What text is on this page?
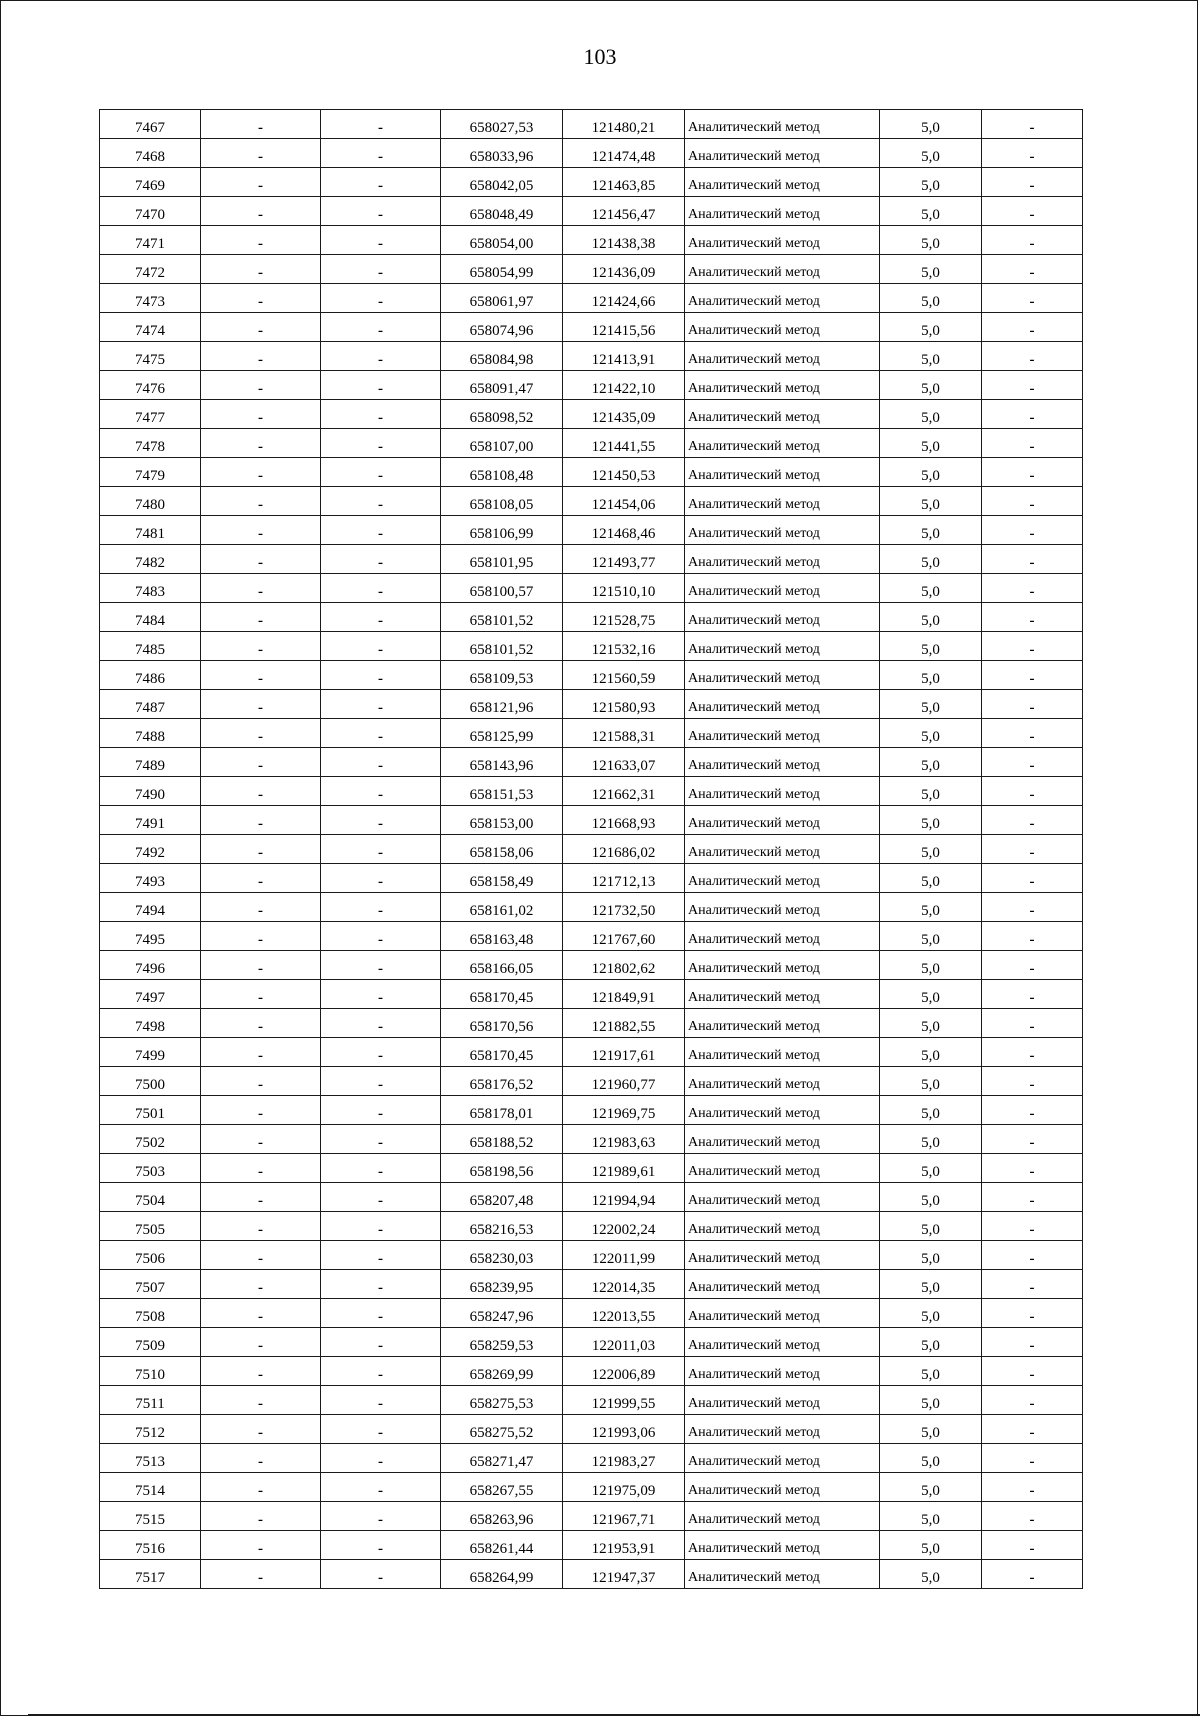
103
7467	-	-	658027,53	121480,21	Аналитический метод	5,0	-
7468	-	-	658033,96	121474,48	Аналитический метод	5,0	-
7469	-	-	658042,05	121463,85	Аналитический метод	5,0	-
7470	-	-	658048,49	121456,47	Аналитический метод	5,0	-
7471	-	-	658054,00	121438,38	Аналитический метод	5,0	-
7472	-	-	658054,99	121436,09	Аналитический метод	5,0	-
7473	-	-	658061,97	121424,66	Аналитический метод	5,0	-
7474	-	-	658074,96	121415,56	Аналитический метод	5,0	-
7475	-	-	658084,98	121413,91	Аналитический метод	5,0	-
7476	-	-	658091,47	121422,10	Аналитический метод	5,0	-
7477	-	-	658098,52	121435,09	Аналитический метод	5,0	-
7478	-	-	658107,00	121441,55	Аналитический метод	5,0	-
7479	-	-	658108,48	121450,53	Аналитический метод	5,0	-
7480	-	-	658108,05	121454,06	Аналитический метод	5,0	-
7481	-	-	658106,99	121468,46	Аналитический метод	5,0	-
7482	-	-	658101,95	121493,77	Аналитический метод	5,0	-
7483	-	-	658100,57	121510,10	Аналитический метод	5,0	-
7484	-	-	658101,52	121528,75	Аналитический метод	5,0	-
7485	-	-	658101,52	121532,16	Аналитический метод	5,0	-
7486	-	-	658109,53	121560,59	Аналитический метод	5,0	-
7487	-	-	658121,96	121580,93	Аналитический метод	5,0	-
7488	-	-	658125,99	121588,31	Аналитический метод	5,0	-
7489	-	-	658143,96	121633,07	Аналитический метод	5,0	-
7490	-	-	658151,53	121662,31	Аналитический метод	5,0	-
7491	-	-	658153,00	121668,93	Аналитический метод	5,0	-
7492	-	-	658158,06	121686,02	Аналитический метод	5,0	-
7493	-	-	658158,49	121712,13	Аналитический метод	5,0	-
7494	-	-	658161,02	121732,50	Аналитический метод	5,0	-
7495	-	-	658163,48	121767,60	Аналитический метод	5,0	-
7496	-	-	658166,05	121802,62	Аналитический метод	5,0	-
7497	-	-	658170,45	121849,91	Аналитический метод	5,0	-
7498	-	-	658170,56	121882,55	Аналитический метод	5,0	-
7499	-	-	658170,45	121917,61	Аналитический метод	5,0	-
7500	-	-	658176,52	121960,77	Аналитический метод	5,0	-
7501	-	-	658178,01	121969,75	Аналитический метод	5,0	-
7502	-	-	658188,52	121983,63	Аналитический метод	5,0	-
7503	-	-	658198,56	121989,61	Аналитический метод	5,0	-
7504	-	-	658207,48	121994,94	Аналитический метод	5,0	-
7505	-	-	658216,53	122002,24	Аналитический метод	5,0	-
7506	-	-	658230,03	122011,99	Аналитический метод	5,0	-
7507	-	-	658239,95	122014,35	Аналитический метод	5,0	-
7508	-	-	658247,96	122013,55	Аналитический метод	5,0	-
7509	-	-	658259,53	122011,03	Аналитический метод	5,0	-
7510	-	-	658269,99	122006,89	Аналитический метод	5,0	-
7511	-	-	658275,53	121999,55	Аналитический метод	5,0	-
7512	-	-	658275,52	121993,06	Аналитический метод	5,0	-
7513	-	-	658271,47	121983,27	Аналитический метод	5,0	-
7514	-	-	658267,55	121975,09	Аналитический метод	5,0	-
7515	-	-	658263,96	121967,71	Аналитический метод	5,0	-
7516	-	-	658261,44	121953,91	Аналитический метод	5,0	-
7517	-	-	658264,99	121947,37	Аналитический метод	5,0	-
